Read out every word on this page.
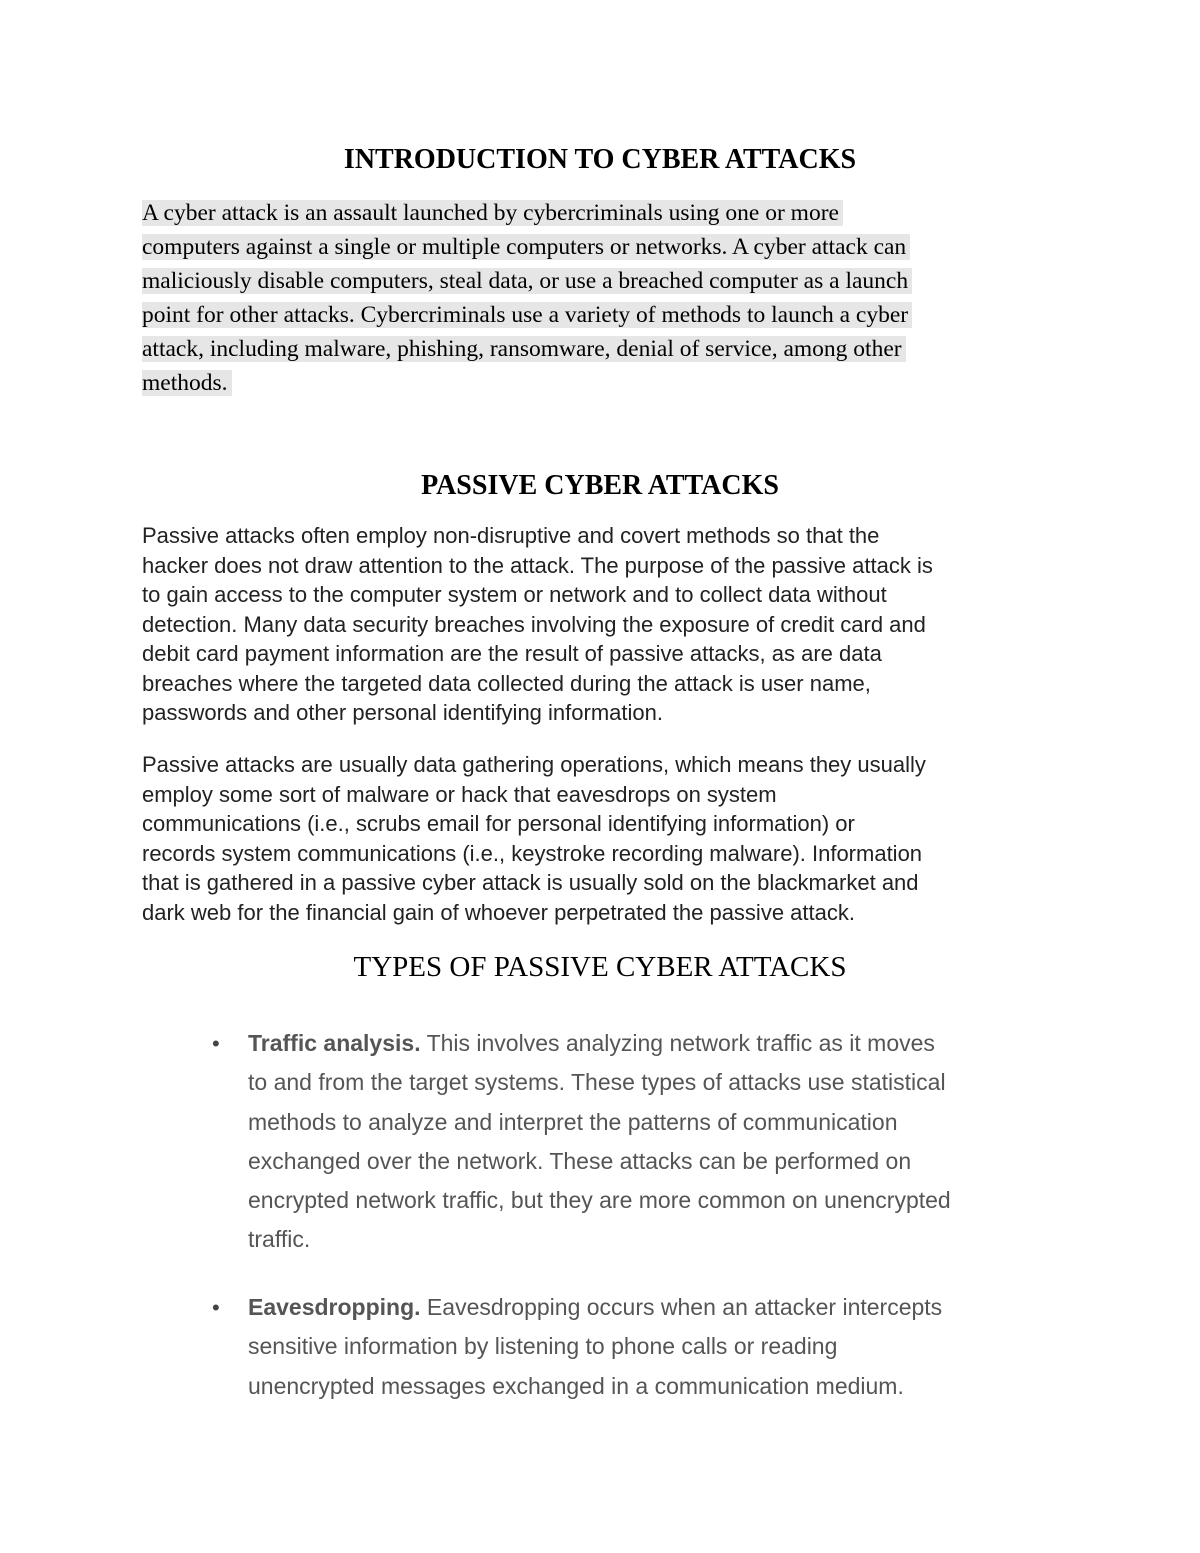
INTRODUCTION TO CYBER ATTACKS

A cyber attack is an assault launched by cybercriminals using one or more
computers against a single or multiple computers or networks. A cyber attack can
maliciously disable computers, steal data, or use a breached computer as a launch
point for other attacks. Cybercriminals use a variety of methods to launch a cyber
attack, including malware, phishing, ransomware, denial of service, among other
methods.

PASSIVE CYBER ATTACKS

Passive attacks often employ non-disruptive and covert methods so that the
hacker does not draw attention to the attack. The purpose of the passive attack is
to gain access to the computer system or network and to collect data without
detection. Many data security breaches involving the exposure of credit card and
debit card payment information are the result of passive attacks, as are data
breaches where the targeted data collected during the attack is user name,
passwords and other personal identifying information.

Passive attacks are usually data gathering operations, which means they usually
employ some sort of malware or hack that eavesdrops on system
communications (i.e., scrubs email for personal identifying information) or
records system communications (i.e., keystroke recording malware). Information
that is gathered in a passive cyber attack is usually sold on the blackmarket and
dark web for the financial gain of whoever perpetrated the passive attack.

TYPES OF PASSIVE CYBER ATTACKS
• Traffic analysis. This involves analyzing network traffic as it moves
to and from the target systems. These types of attacks use statistical
methods to analyze and interpret the patterns of communication
exchanged over the network. These attacks can be performed on
encrypted network traffic, but they are more common on unencrypted
traffic.
• Eavesdropping. Eavesdropping occurs when an attacker intercepts
sensitive information by listening to phone calls or reading
unencrypted messages exchanged in a communication medium.
